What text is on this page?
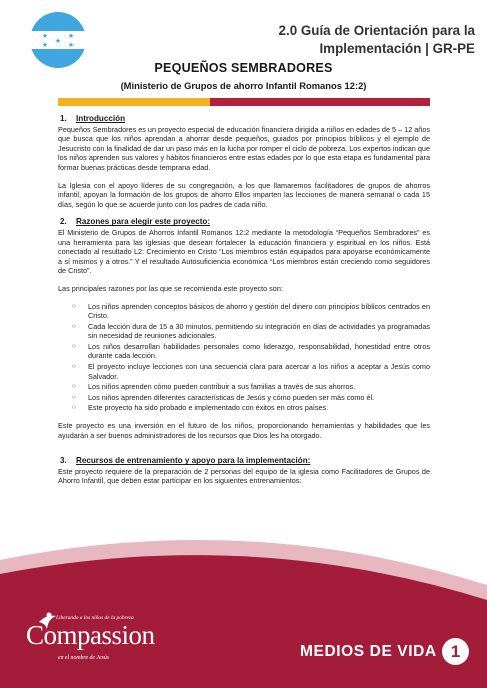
★
★	★
★	★
2.0 Guía de Orientación para la Implementación | GR-PE
PEQUEÑOS SEMBRADORES
(Ministerio de Grupos de ahorro Infantil Romanos 12:2)
1. Introducción

Pequeños Sembradores es un proyecto especial de educación financiera dirigida a niños en edades de 5 – 12 años que busca que los niños aprendan a ahorrar desde pequeños, guiados por principios bíblicos y el ejemplo de Jesucristo con la finalidad de dar un paso más en la lucha por romper el ciclo de pobreza. Los expertos indican que los niños aprenden sus valores y hábitos financieros entre estas edades por lo que esta etapa es fundamental para formar buenas prácticas desde temprana edad.

La Iglesia con el apoyo líderes de su congregación, a los que llamaremos facilitadores de grupos de ahorros infantil, apoyan la formación de los grupos de ahorro Ellos imparten las lecciones de manera semanal o cada 15 días, según lo que se acuerde junto con los padres de cada niño.

2. Razones para elegir este proyecto:

El Ministerio de Grupos de Ahorros Infantil Romanos 12:2 mediante la metodología “Pequeños Sembradores” es una herramienta para las iglesias que desean fortalecer la educación financiera y espiritual en los niños. Está conectado al resultado L2: Crecimiento en Cristo “Los miembros están equipados para apoyarse económicamente a sí mismos y a otros.” Y el resultado Autosuficiencia económica “Los miembros están creciendo como seguidores de Cristo”.

Las principales razones por las que se recomienda este proyecto son:

○ Los niños aprenden conceptos básicos de ahorro y gestión del dinero con principios bíblicos centrados en Cristo.
○ Cada lección dura de 15 a 30 minutos, permitiendo su integración en días de actividades ya programadas sin necesidad de reuniones adicionales.
○ Los niños desarrollan habilidades personales como liderazgo, responsabilidad, honestidad entre otros durante cada lección.
○ El proyecto incluye lecciones con una secuencia clara para acercar a los niños a aceptar a Jesús como Salvador.
○ Los niños aprenden cómo pueden contribuir a sus familias a través de sus ahorros.
○ Los niños aprenden diferentes características de Jesús y cómo pueden ser más como él.
○ Este proyecto ha sido probado e implementado con éxitos en otros países.

Este proyecto es una inversión en el futuro de los niños, proporcionando herramientas y habilidades que les ayudarán a ser buenos administradores de los recursos que Dios les ha otorgado.

3. Recursos de entrenamiento y apoyo para la implementación:

Este proyecto requiere de la preparación de 2 personas del equipo de la iglesia como Facilitadores de Grupos de Ahorro Infantil, que deben estar participar en los siguientes entrenamientos:

Liberando a los niños de la pobreza
Compassion
en el nombre de Jesús	MEDIOS DE VIDA 1
